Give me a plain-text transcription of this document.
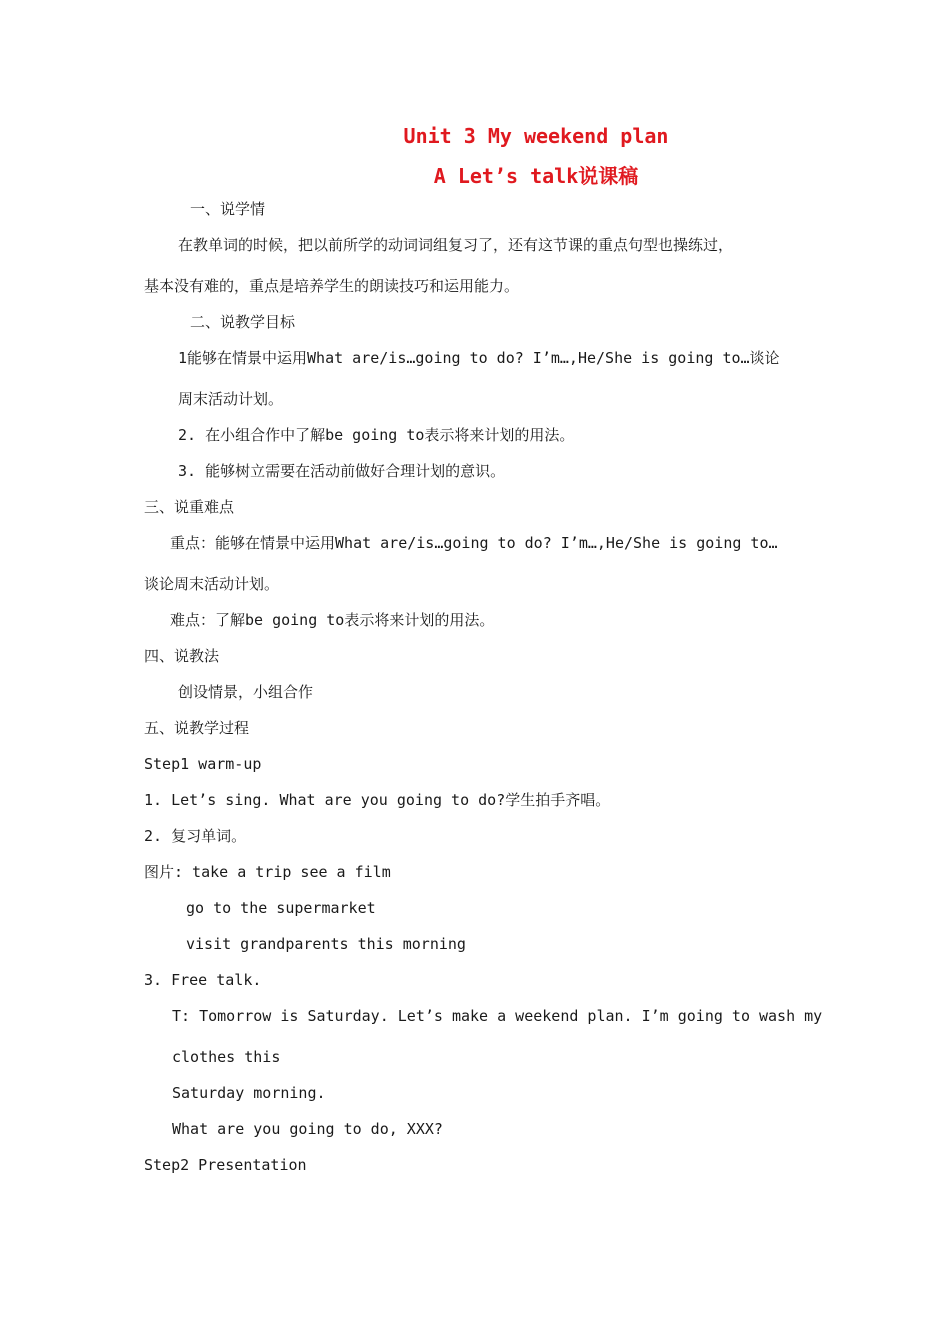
Unit 3 My weekend plan
A Let’s talk说课稿
一、说学情
在教单词的时候，把以前所学的动词词组复习了，还有这节课的重点句型也操练过，
基本没有难的，重点是培养学生的朗读技巧和运用能力。
二、说教学目标
1能够在情景中运用What are/is…going to do? I’m…,He/She is going to…谈论
周末活动计划。
2. 在小组合作中了解be going to表示将来计划的用法。
3. 能够树立需要在活动前做好合理计划的意识。
三、说重难点
重点：能够在情景中运用What are/is…going to do? I’m…,He/She is going to…
谈论周末活动计划。
难点：了解be going to表示将来计划的用法。
四、说教法
创设情景，小组合作
五、说教学过程
Step1 warm-up
1. Let’s sing. What are you going to do?学生拍手齐唱。
2. 复习单词。
图片: take a trip see a film
go to the supermarket
visit grandparents this morning
3. Free talk.
T: Tomorrow is Saturday. Let’s make a weekend plan. I’m going to wash my
clothes this
Saturday morning.
What are you going to do, XXX?
Step2 Presentation
